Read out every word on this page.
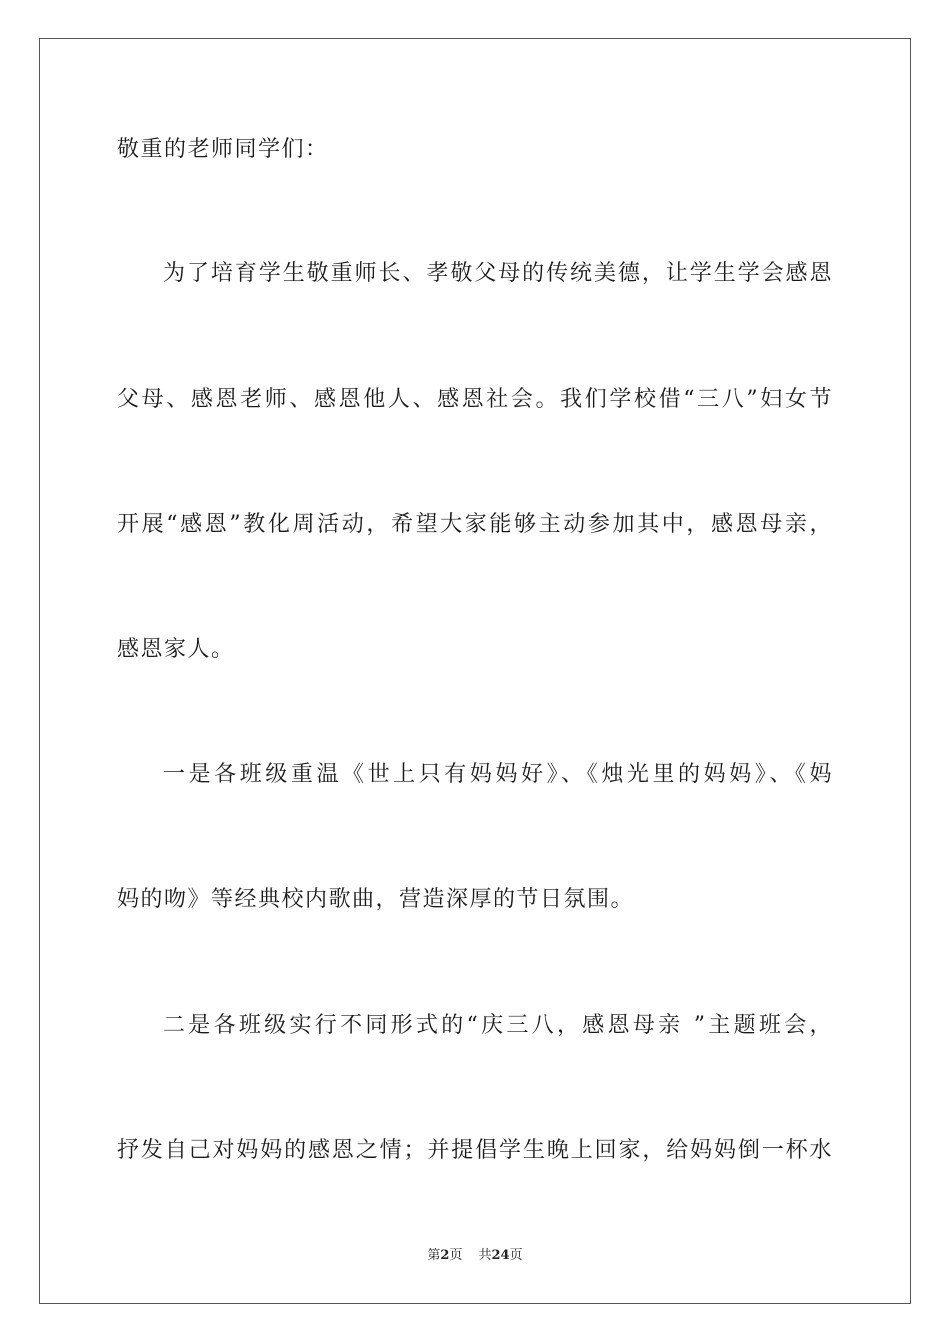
敬重的老师同学们：
为了培育学生敬重师长、孝敬父母的传统美德，让学生学会感恩
父母、感恩老师、感恩他人、感恩社会。我们学校借“三八”妇女节
开展“感恩”教化周活动，希望大家能够主动参加其中，感恩母亲，
感恩家人。
一是各班级重温《世上只有妈妈好》、《烛光里的妈妈》、《妈
妈的吻》等经典校内歌曲，营造深厚的节日氛围。
二是各班级实行不同形式的“庆三八，感恩母亲 ”主题班会，
抒发自己对妈妈的感恩之情；并提倡学生晚上回家，给妈妈倒一杯水
第2页 共24页
